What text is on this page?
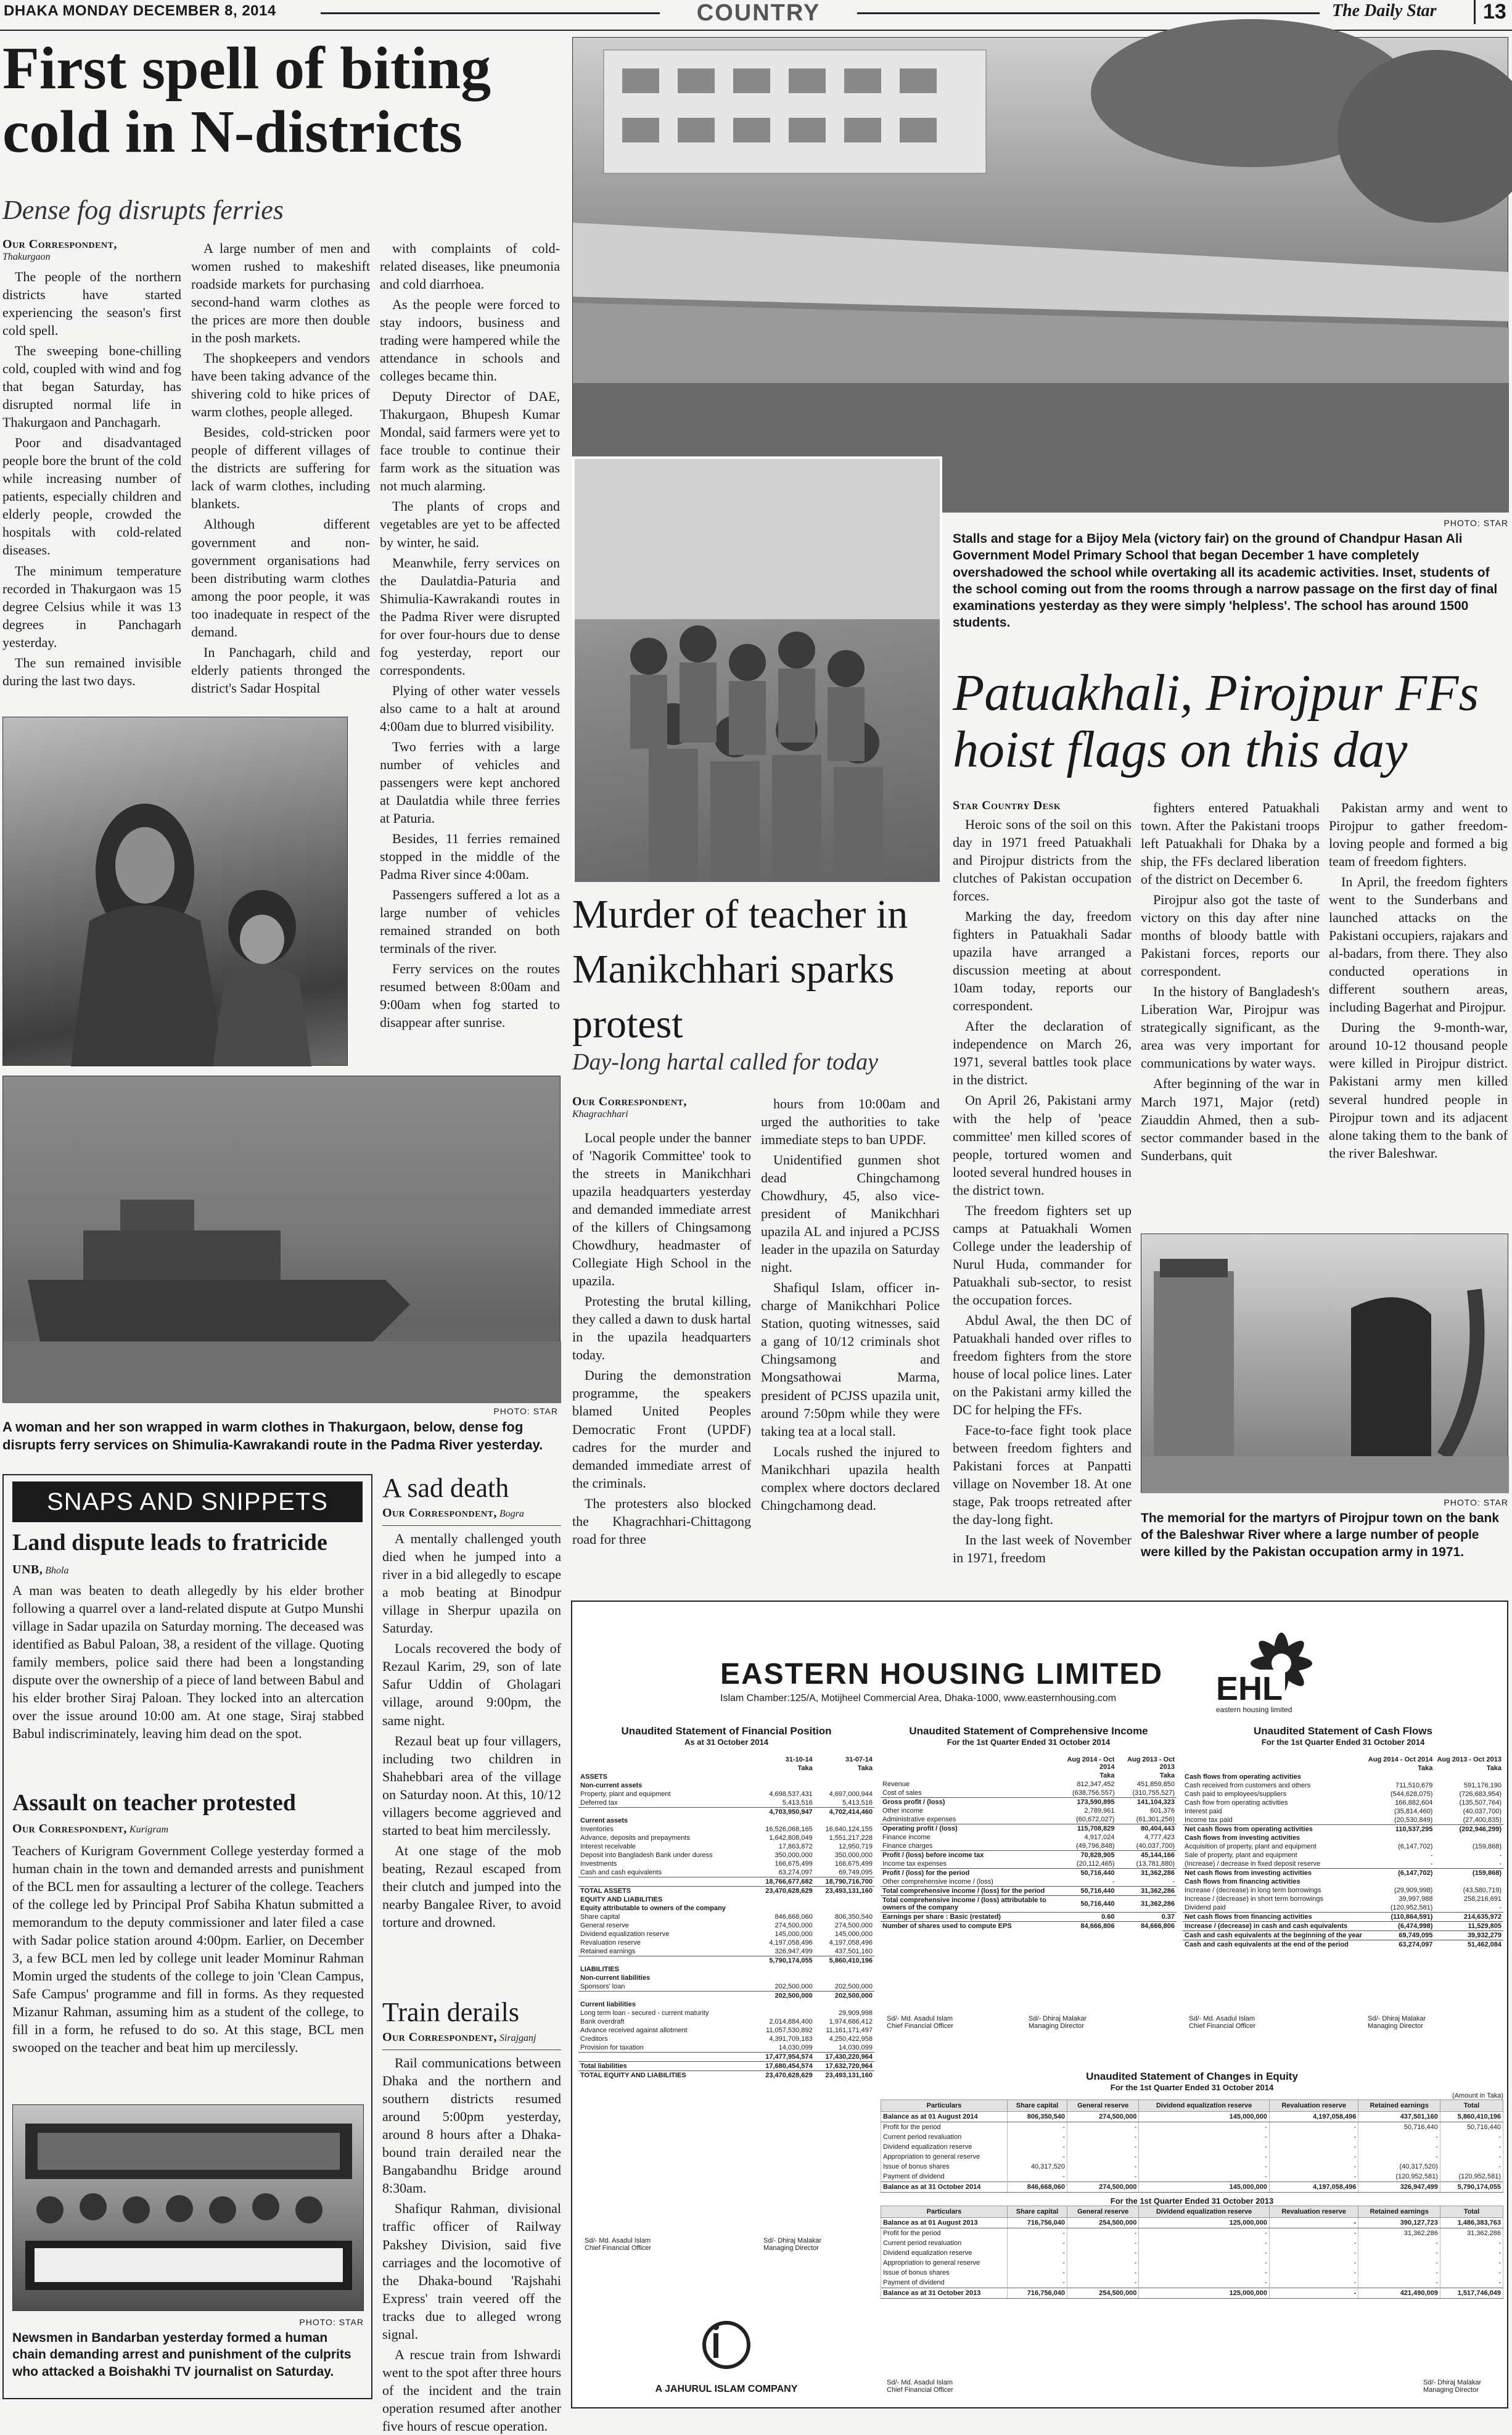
DHAKA MONDAY DECEMBER 8, 2014	COUNTRY	The Daily Star	13
First spell of biting cold in N-districts
Dense fog disrupts ferries
Our Correspondent,
Thakurgaon

The people of the northern districts have started experiencing the season's first cold spell.

The sweeping bone-chilling cold, coupled with wind and fog that began Saturday, has disrupted normal life in Thakurgaon and Panchagarh.

Poor and disadvantaged people bore the brunt of the cold while increasing number of patients, especially children and elderly people, crowded the hospitals with cold-related diseases.

The minimum temperature recorded in Thakurgaon was 15 degree Celsius while it was 13 degrees in Panchagarh yesterday.

The sun remained invisible during the last two days.

A large number of men and women rushed to makeshift roadside markets for purchasing second-hand warm clothes as the prices are more then double in the posh markets.

The shopkeepers and vendors have been taking advance of the shivering cold to hike prices of warm clothes, people alleged.

Besides, cold-stricken poor people of different villages of the districts are suffering for lack of warm clothes, including blankets.

Although different government and non-government organisations had been distributing warm clothes among the poor people, it was too inadequate in respect of the demand.

In Panchagarh, child and elderly patients thronged the district's Sadar Hospital

with complaints of cold-related diseases, like pneumonia and cold diarrhoea.

As the people were forced to stay indoors, business and trading were hampered while the attendance in schools and colleges became thin.

Deputy Director of DAE, Thakurgaon, Bhupesh Kumar Mondal, said farmers were yet to face trouble to continue their farm work as the situation was not much alarming.

The plants of crops and vegetables are yet to be affected by winter, he said.

Meanwhile, ferry services on the Daulatdia-Paturia and Shimulia-Kawrakandi routes in the Padma River were disrupted for over four-hours due to dense fog yesterday, report our correspondents.

Plying of other water vessels also came to a halt at around 4:00am due to blurred visibility.

Two ferries with a large number of vehicles and passengers were kept anchored at Daulatdia while three ferries at Paturia.

Besides, 11 ferries remained stopped in the middle of the Padma River since 4:00am.

Passengers suffered a lot as a large number of vehicles remained stranded on both terminals of the river.

Ferry services on the routes resumed between 8:00am and 9:00am when fog started to disappear after sunrise.

PHOTO: STAR
A woman and her son wrapped in warm clothes in Thakurgaon, below, dense fog disrupts ferry services on Shimulia-Kawrakandi route in the Padma River yesterday.
PHOTO: STAR
Stalls and stage for a Bijoy Mela (victory fair) on the ground of Chandpur Hasan Ali Government Model Primary School that began December 1 have completely overshadowed the school while overtaking all its academic activities. Inset, students of the school coming out from the rooms through a narrow passage on the first day of final examinations yesterday as they were simply 'helpless'. The school has around 1500 students.
Patuakhali, Pirojpur FFs hoist flags on this day
Star Country Desk

Heroic sons of the soil on this day in 1971 freed Patuakhali and Pirojpur districts from the clutches of Pakistan occupation forces.

Marking the day, freedom fighters in Patuakhali Sadar upazila have arranged a discussion meeting at about 10am today, reports our correspondent.

After the declaration of independence on March 26, 1971, several battles took place in the district.

On April 26, Pakistani army with the help of 'peace committee' men killed scores of people, tortured women and looted several hundred houses in the district town.

The freedom fighters set up camps at Patuakhali Women College under the leadership of Nurul Huda, commander for Patuakhali sub-sector, to resist the occupation forces.

Abdul Awal, the then DC of Patuakhali handed over rifles to freedom fighters from the store house of local police lines. Later on the Pakistani army killed the DC for helping the FFs.

Face-to-face fight took place between freedom fighters and Pakistani forces at Panpatti village on November 18. At one stage, Pak troops retreated after the day-long fight.

In the last week of November in 1971, freedom

fighters entered Patuakhali town. After the Pakistani troops left Patuakhali for Dhaka by a ship, the FFs declared liberation of the district on December 6.

Pirojpur also got the taste of victory on this day after nine months of bloody battle with Pakistani forces, reports our correspondent.

In the history of Bangladesh's Liberation War, Pirojpur was strategically significant, as the area was very important for communications by water ways.

After beginning of the war in March 1971, Major (retd) Ziauddin Ahmed, then a sub-sector commander based in the Sunderbans, quit

Pakistan army and went to Pirojpur to gather freedom-loving people and formed a big team of freedom fighters.

In April, the freedom fighters went to the Sunderbans and launched attacks on the Pakistani occupiers, rajakars and al-badars, from there. They also conducted operations in different southern areas, including Bagerhat and Pirojpur.

During the 9-month-war, around 10-12 thousand people were killed in Pirojpur district. Pakistani army men killed several hundred people in Pirojpur town and its adjacent alone taking them to the bank of the river Baleshwar.

PHOTO: STAR
The memorial for the martyrs of Pirojpur town on the bank of the Baleshwar River where a large number of people were killed by the Pakistan occupation army in 1971.
Murder of teacher in Manikchhari sparks protest
Day-long hartal called for today
Our Correspondent,
Khagrachhari

Local people under the banner of 'Nagorik Committee' took to the streets in Manikchhari upazila headquarters yesterday and demanded immediate arrest of the killers of Chingsamong Chowdhury, headmaster of Collegiate High School in the upazila.

Protesting the brutal killing, they called a dawn to dusk hartal in the upazila headquarters today.

During the demonstration programme, the speakers blamed United Peoples Democratic Front (UPDF) cadres for the murder and demanded immediate arrest of the criminals.

The protesters also blocked the Khagrachhari-Chittagong road for three

hours from 10:00am and urged the authorities to take immediate steps to ban UPDF.

Unidentified gunmen shot dead Chingchamong Chowdhury, 45, also vice-president of Manikchhari upazila AL and injured a PCJSS leader in the upazila on Saturday night.

Shafiqul Islam, officer in-charge of Manikchhari Police Station, quoting witnesses, said a gang of 10/12 criminals shot Chingsamong and Mongsathowai Marma, president of PCJSS upazila unit, around 7:50pm while they were taking tea at a local stall.

Locals rushed the injured to Manikchhari upazila health complex where doctors declared Chingchamong dead.

SNAPS AND SNIPPETS
Land dispute leads to fratricide
UNB, Bhola
A man was beaten to death allegedly by his elder brother following a quarrel over a land-related dispute at Gutpo Munshi village in Sadar upazila on Saturday morning. The deceased was identified as Babul Paloan, 38, a resident of the village. Quoting family members, police said there had been a longstanding dispute over the ownership of a piece of land between Babul and his elder brother Siraj Paloan. They locked into an altercation over the issue around 10:00 am. At one stage, Siraj stabbed Babul indiscriminately, leaving him dead on the spot.
Assault on teacher protested
Our Correspondent, Kurigram
Teachers of Kurigram Government College yesterday formed a human chain in the town and demanded arrests and punishment of the BCL men for assaulting a lecturer of the college. Teachers of the college led by Principal Prof Sabiha Khatun submitted a memorandum to the deputy commissioner and later filed a case with Sadar police station around 4:00pm. Earlier, on December 3, a few BCL men led by college unit leader Mominur Rahman Momin urged the students of the college to join 'Clean Campus, Safe Campus' programme and fill in forms. As they requested Mizanur Rahman, assuming him as a student of the college, to fill in a form, he refused to do so. At this stage, BCL men swooped on the teacher and beat him up mercilessly.
PHOTO: STAR
Newsmen in Bandarban yesterday formed a human chain demanding arrest and punishment of the culprits who attacked a Boishakhi TV journalist on Saturday.
A sad death
Our Correspondent, Bogra

A mentally challenged youth died when he jumped into a river in a bid allegedly to escape a mob beating at Binodpur village in Sherpur upazila on Saturday.

Locals recovered the body of Rezaul Karim, 29, son of late Safur Uddin of Gholagari village, around 9:00pm, the same night.

Rezaul beat up four villagers, including two children in Shahebbari area of the village on Saturday noon. At this, 10/12 villagers become aggrieved and started to beat him mercilessly.

At one stage of the mob beating, Rezaul escaped from their clutch and jumped into the nearby Bangalee River, to avoid torture and drowned.

Train derails
Our Correspondent, Sirajganj

Rail communications between Dhaka and the northern and southern districts resumed around 5:00pm yesterday, around 8 hours after a Dhaka-bound train derailed near the Bangabandhu Bridge around 8:30am.

Shafiqur Rahman, divisional traffic officer of Railway Pakshey Division, said five carriages and the locomotive of the Dhaka-bound 'Rajshahi Express' train veered off the tracks due to alleged wrong signal.

A rescue train from Ishwardi went to the spot after three hours of the incident and the train operation resumed after another five hours of rescue operation.

EASTERN HOUSING LIMITED
Islam Chamber:125/A, Motijheel Commercial Area, Dhaka-1000, www.easternhousing.com	EHL
eastern housing limited
Unaudited Statement of Financial Position
As at 31 October 2014
	31-10-14	31-07-14
	Taka	Taka
ASSETS		
Non-current assets		
Property, plant and equipment	4,698,537,431	4,697,000,944
Deferred tax	5,413,516	5,413,516
	4,703,950,947	4,702,414,460
Current assets		
Inventories	16,526,068,165	16,640,124,155
Advance, deposits and prepayments	1,642,808,049	1,551,217,228
Interest receivable	17,863,872	12,950,719
Deposit into Bangladesh Bank under duress	350,000,000	350,000,000
Investments	166,675,499	166,675,499
Cash and cash equivalents	63,274,097	69,749,095
	18,766,677,682	18,790,716,700
TOTAL ASSETS	23,470,628,629	23,493,131,160
EQUITY AND LIABILITIES		
Equity attributable to owners of the company		
Share capital	846,668,060	806,350,540
General reserve	274,500,000	274,500,000
Dividend equalization reserve	145,000,000	145,000,000
Revaluation reserve	4,197,058,496	4,197,058,496
Retained earnings	326,947,499	437,501,160
	5,790,174,055	5,860,410,196
LIABILITIES		
Non-current liabilities		
Sponsors' loan	202,500,000	202,500,000
	202,500,000	202,500,000
Current liabilities		
Long term loan - secured - current maturity		29,909,998
Bank overdraft	2,014,884,400	1,974,686,412
Advance received against allotment	11,057,530,892	11,161,171,497
Creditors	4,391,709,183	4,250,422,958
Provision for taxation	14,030,099	14,030,099
	17,477,954,574	17,430,220,964
Total liabilities	17,680,454,574	17,632,720,964
TOTAL EQUITY AND LIABILITIES	23,470,628,629	23,493,131,160
Sd/- Md. Asadul Islam
Chief Financial Officer
Sd/- Dhiraj Malakar
Managing Director
Unaudited Statement of Comprehensive Income
For the 1st Quarter Ended 31 October 2014
	Aug 2014 - Oct 2014	Aug 2013 - Oct 2013
	Taka	Taka
Revenue	812,347,452	451,859,850
Cost of sales	(638,756,557)	(310,755,527)
Gross profit / (loss)	173,590,895	141,104,323
Other income	2,789,961	601,376
Administrative expenses	(60,672,027)	(61,301,256)
Operating profit / (loss)	115,708,829	80,404,443
Finance income	4,917,024	4,777,423
Finance charges	(49,796,848)	(40,037,700)
Profit / (loss) before income tax	70,828,905	45,144,166
Income tax expenses	(20,112,465)	(13,781,880)
Profit / (loss) for the period	50,716,440	31,362,286
Other comprehensive income / (loss)	-	-
Total comprehensive income / (loss) for the period	50,716,440	31,362,286
Total comprehensive income / (loss) attributable to owners of the company	50,716,440	31,362,286
Earnings per share : Basic (restated)	0.60	0.37
Number of shares used to compute EPS	84,666,806	84,666,806
Sd/- Md. Asadul Islam
Chief Financial Officer
Sd/- Dhiraj Malakar
Managing Director
Unaudited Statement of Cash Flows
For the 1st Quarter Ended 31 October 2014
	Aug 2014 - Oct 2014	Aug 2013 - Oct 2013
	Taka	Taka
Cash flows from operating activities		
Cash received from customers and others	711,510,679	591,176,190
Cash paid to employees/suppliers	(544,628,075)	(726,683,954)
Cash flow from operating activities	166,882,604	(135,507,764)
Interest paid	(35,814,460)	(40,037,700)
Income tax paid	(20,530,849)	(27,400,835)
Net cash flows from operating activities	110,537,295	(202,946,299)
Cash flows from investing activities		
Acquisition of property, plant and equipment	(6,147,702)	(159,868)
Sale of property, plant and equipment	-	-
(Increase) / decrease in fixed deposit reserve	-	-
Net cash flows from investing activities	(6,147,702)	(159,868)
Cash flows from financing activities		
Increase / (decrease) in long term borrowings	(29,909,998)	(43,580,719)
Increase / (decrease) in short term borrowings	39,997,988	258,216,691
Dividend paid	(120,952,581)	-
Net cash flows from financing activities	(110,864,591)	214,635,972
Increase / (decrease) in cash and cash equivalents	(6,474,998)	11,529,805
Cash and cash equivalents at the beginning of the year	69,749,095	39,932,279
Cash and cash equivalents at the end of the period	63,274,097	51,462,084
Sd/- Md. Asadul Islam
Chief Financial Officer
Sd/- Dhiraj Malakar
Managing Director
Unaudited Statement of Changes in Equity
For the 1st Quarter Ended 31 October 2014
(Amount in Taka)
Particulars	Share capital	General reserve	Dividend equalization reserve	Revaluation reserve	Retained earnings	Total
Balance as at 01 August 2014	806,350,540	274,500,000	145,000,000	4,197,058,496	437,501,160	5,860,410,196
Profit for the period	-	-	-	-	50,716,440	50,716,440
Current period revaluation	-	-	-	-	-	-
Dividend equalization reserve	-	-	-	-	-	-
Appropriation to general reserve	-	-	-	-	-	-
Issue of bonus shares	40,317,520	-	-	-	(40,317,520)	-
Payment of dividend	-	-	-	-	(120,952,581)	(120,952,581)
Balance as at 31 October 2014	846,668,060	274,500,000	145,000,000	4,197,058,496	326,947,499	5,790,174,055
For the 1st Quarter Ended 31 October 2013
Particulars	Share capital	General reserve	Dividend equalization reserve	Revaluation reserve	Retained earnings	Total
Balance as at 01 August 2013	716,756,040	254,500,000	125,000,000	-	390,127,723	1,486,383,763
Profit for the period	-	-	-	-	31,362,286	31,362,286
Current period revaluation	-	-	-	-	-	-
Dividend equalization reserve	-	-	-	-	-	-
Appropriation to general reserve	-	-	-	-	-	-
Issue of bonus shares	-	-	-	-	-	-
Payment of dividend	-	-	-	-	-	-
Balance as at 31 October 2013	716,756,040	254,500,000	125,000,000	-	421,490,009	1,517,746,049
Sd/- Md. Asadul Islam
Chief Financial Officer
Sd/- Dhiraj Malakar
Managing Director
A JAHURUL ISLAM COMPANY
